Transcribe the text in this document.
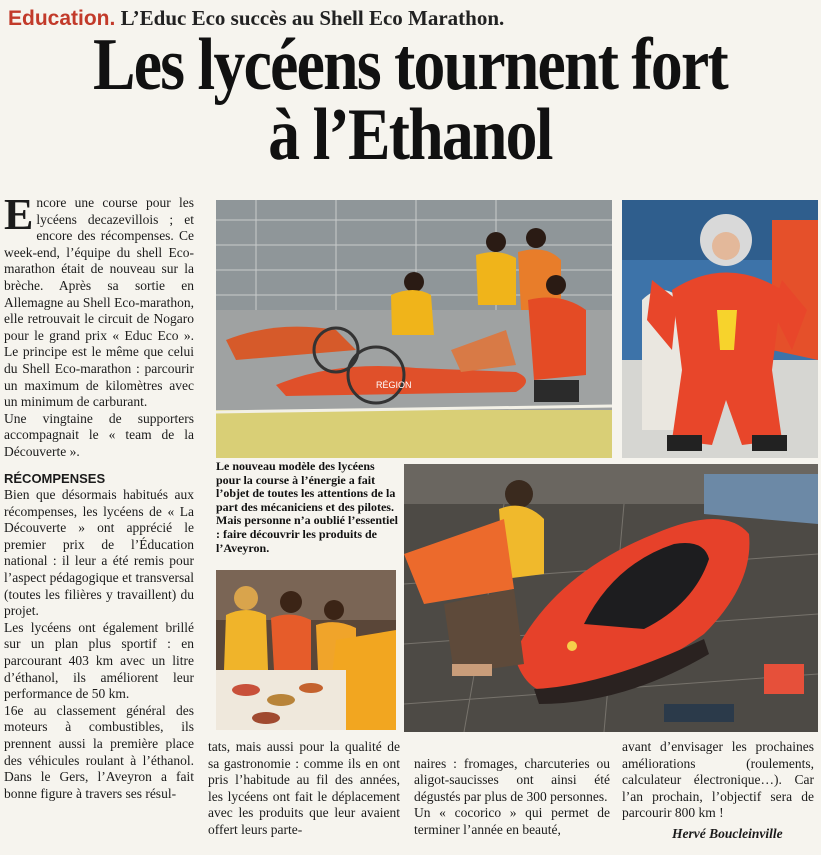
Education. L’Educ Eco succès au Shell Eco Marathon.
Les lycéens tournent fort
à l’Ethanol

Encore une course pour les lycéens decazevillois ; et encore des récompenses. Ce week-end, l’équipe du shell Eco-marathon était de nouveau sur la brèche. Après sa sortie en Allemagne au Shell Eco-marathon, elle retrouvait le circuit de Nogaro pour le grand prix « Educ Eco ». Le principe est le même que celui du Shell Eco-marathon : parcourir un maximum de kilomètres avec un minimum de carburant.

Une vingtaine de supporters accompagnait le « team de la Découverte ».

RÉCOMPENSES

Bien que désormais habitués aux récompenses, les lycéens de « La Découverte » ont apprécié le premier prix de l’Éducation national : il leur a été remis pour l’aspect pédagogique et transversal (toutes les filières y travaillent) du projet.

Les lycéens ont également brillé sur un plan plus sportif : en parcourant 403 km avec un litre d’éthanol, ils améliorent leur performance de 50 km.

16e au classement général des moteurs à combustibles, ils prennent aussi la première place des véhicules roulant à l’éthanol. Dans le Gers, l’Aveyron a fait bonne figure à travers ses résul-

Le nouveau modèle des lycéens pour la course à l’énergie a fait l’objet de toutes les attentions de la part des mécaniciens et des pilotes.
Mais personne n’a oublié l’essentiel : faire découvrir les produits de l’Aveyron.

tats, mais aussi pour la qualité de sa gastronomie : comme ils en ont pris l’habitude au fil des années, les lycéens ont fait le déplacement avec les produits que leur avaient offert leurs parte-

naires : fromages, charcuteries ou aligot-saucisses ont ainsi été dégustés par plus de 300 personnes.
Un « cocorico » qui permet de terminer l’année en beauté,

avant d’envisager les prochaines améliorations (roulements, calculateur électronique…). Car l’an prochain, l’objectif sera de parcourir 800 km !

Hervé Boucleinville
RÉGION
